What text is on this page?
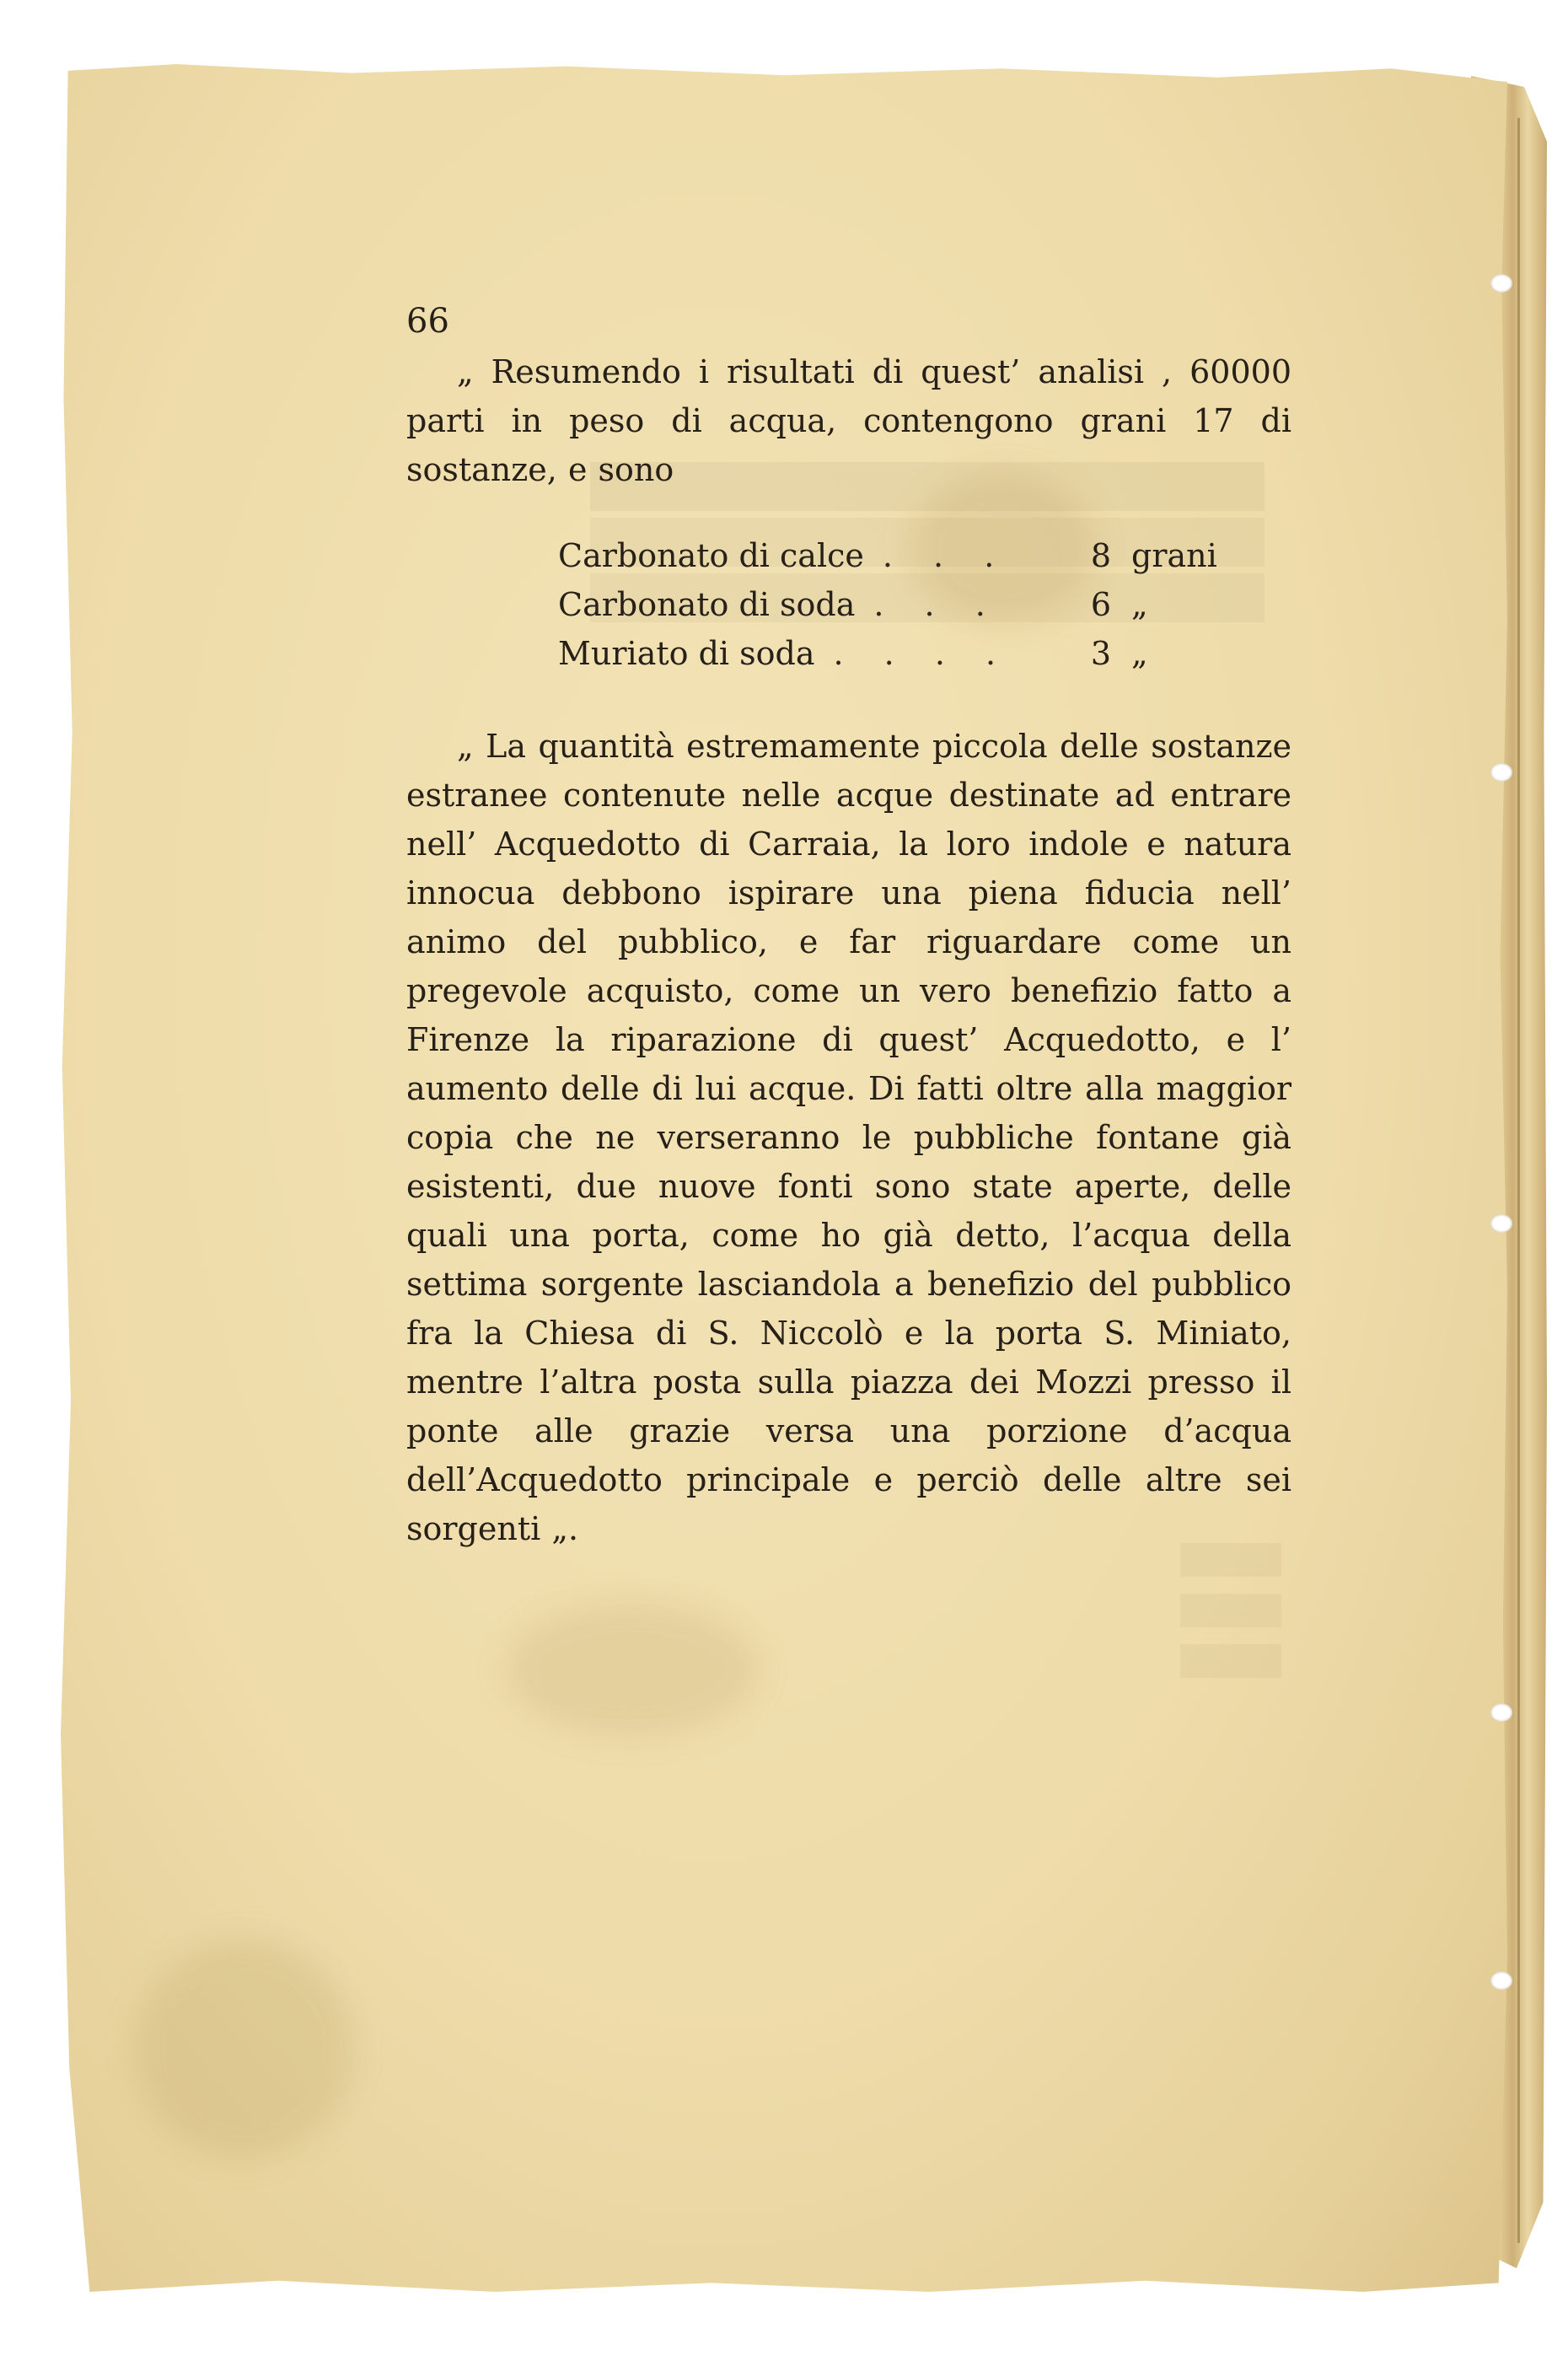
66

„ Resumendo i risultati di quest’ analisi , 60000 parti in peso di acqua, contengono grani 17 di sostanze, e sono

Carbonato di calce . . .	8 grani
Carbonato di soda . . .	6 „
Muriato di soda . . . .	3 „

„ La quantità estremamente piccola delle sostanze estranee contenute nelle acque destinate ad entrare nell’ Acquedotto di Carraia, la loro indole e natura innocua debbono ispirare una piena fiducia nell’ animo del pubblico, e far riguardare come un pregevole acquisto, come un vero benefizio fatto a Firenze la riparazione di quest’ Acquedotto, e l’ aumento delle di lui acque. Di fatti oltre alla maggior copia che ne verseranno le pubbliche fontane già esistenti, due nuove fonti sono state aperte, delle quali una porta, come ho già detto, l’acqua della settima sorgente lasciandola a benefizio del pubblico fra la Chiesa di S. Niccolò e la porta S. Miniato, mentre l’altra posta sulla piazza dei Mozzi presso il ponte alle grazie versa una porzione d’acqua dell’Acquedotto principale e perciò delle altre sei sorgenti „.
